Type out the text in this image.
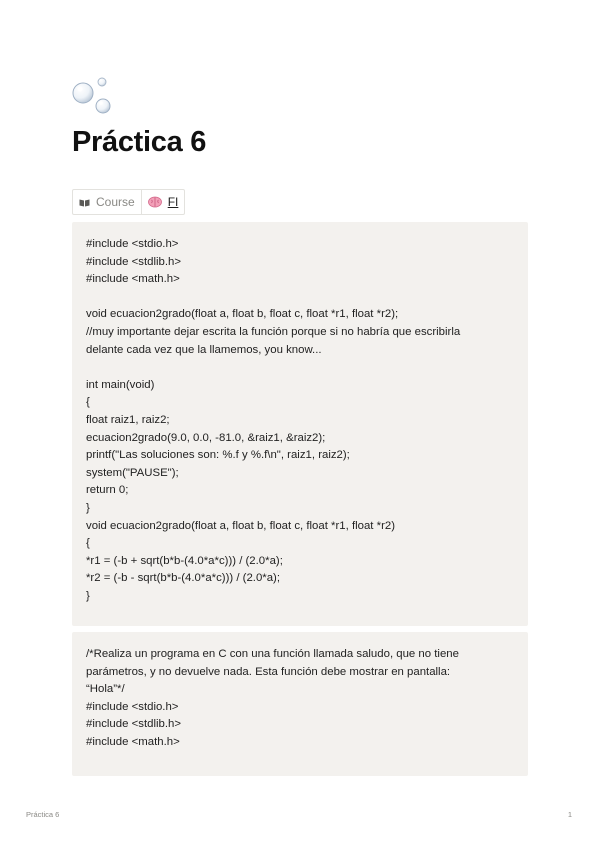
Práctica 6
Course	FI
#include <stdio.h>
#include <stdlib.h>
#include <math.h>
void ecuacion2grado(float a, float b, float c, float *r1, float *r2);
//muy importante dejar escrita la función porque si no habría que escribirla
delante cada vez que la llamemos, you know...
int main(void)
{
float raiz1, raiz2;
ecuacion2grado(9.0, 0.0, -81.0, &raiz1, &raiz2);
printf("Las soluciones son: %.f y %.f\n", raiz1, raiz2);
system("PAUSE");
return 0;
}
void ecuacion2grado(float a, float b, float c, float *r1, float *r2)
{
*r1 = (-b + sqrt(b*b-(4.0*a*c))) / (2.0*a);
*r2 = (-b - sqrt(b*b-(4.0*a*c))) / (2.0*a);
}
/*Realiza un programa en C con una función llamada saludo, que no tiene
parámetros, y no devuelve nada. Esta función debe mostrar en pantalla:
“Hola”*/
#include <stdio.h>
#include <stdlib.h>
#include <math.h>
Práctica 6	1
